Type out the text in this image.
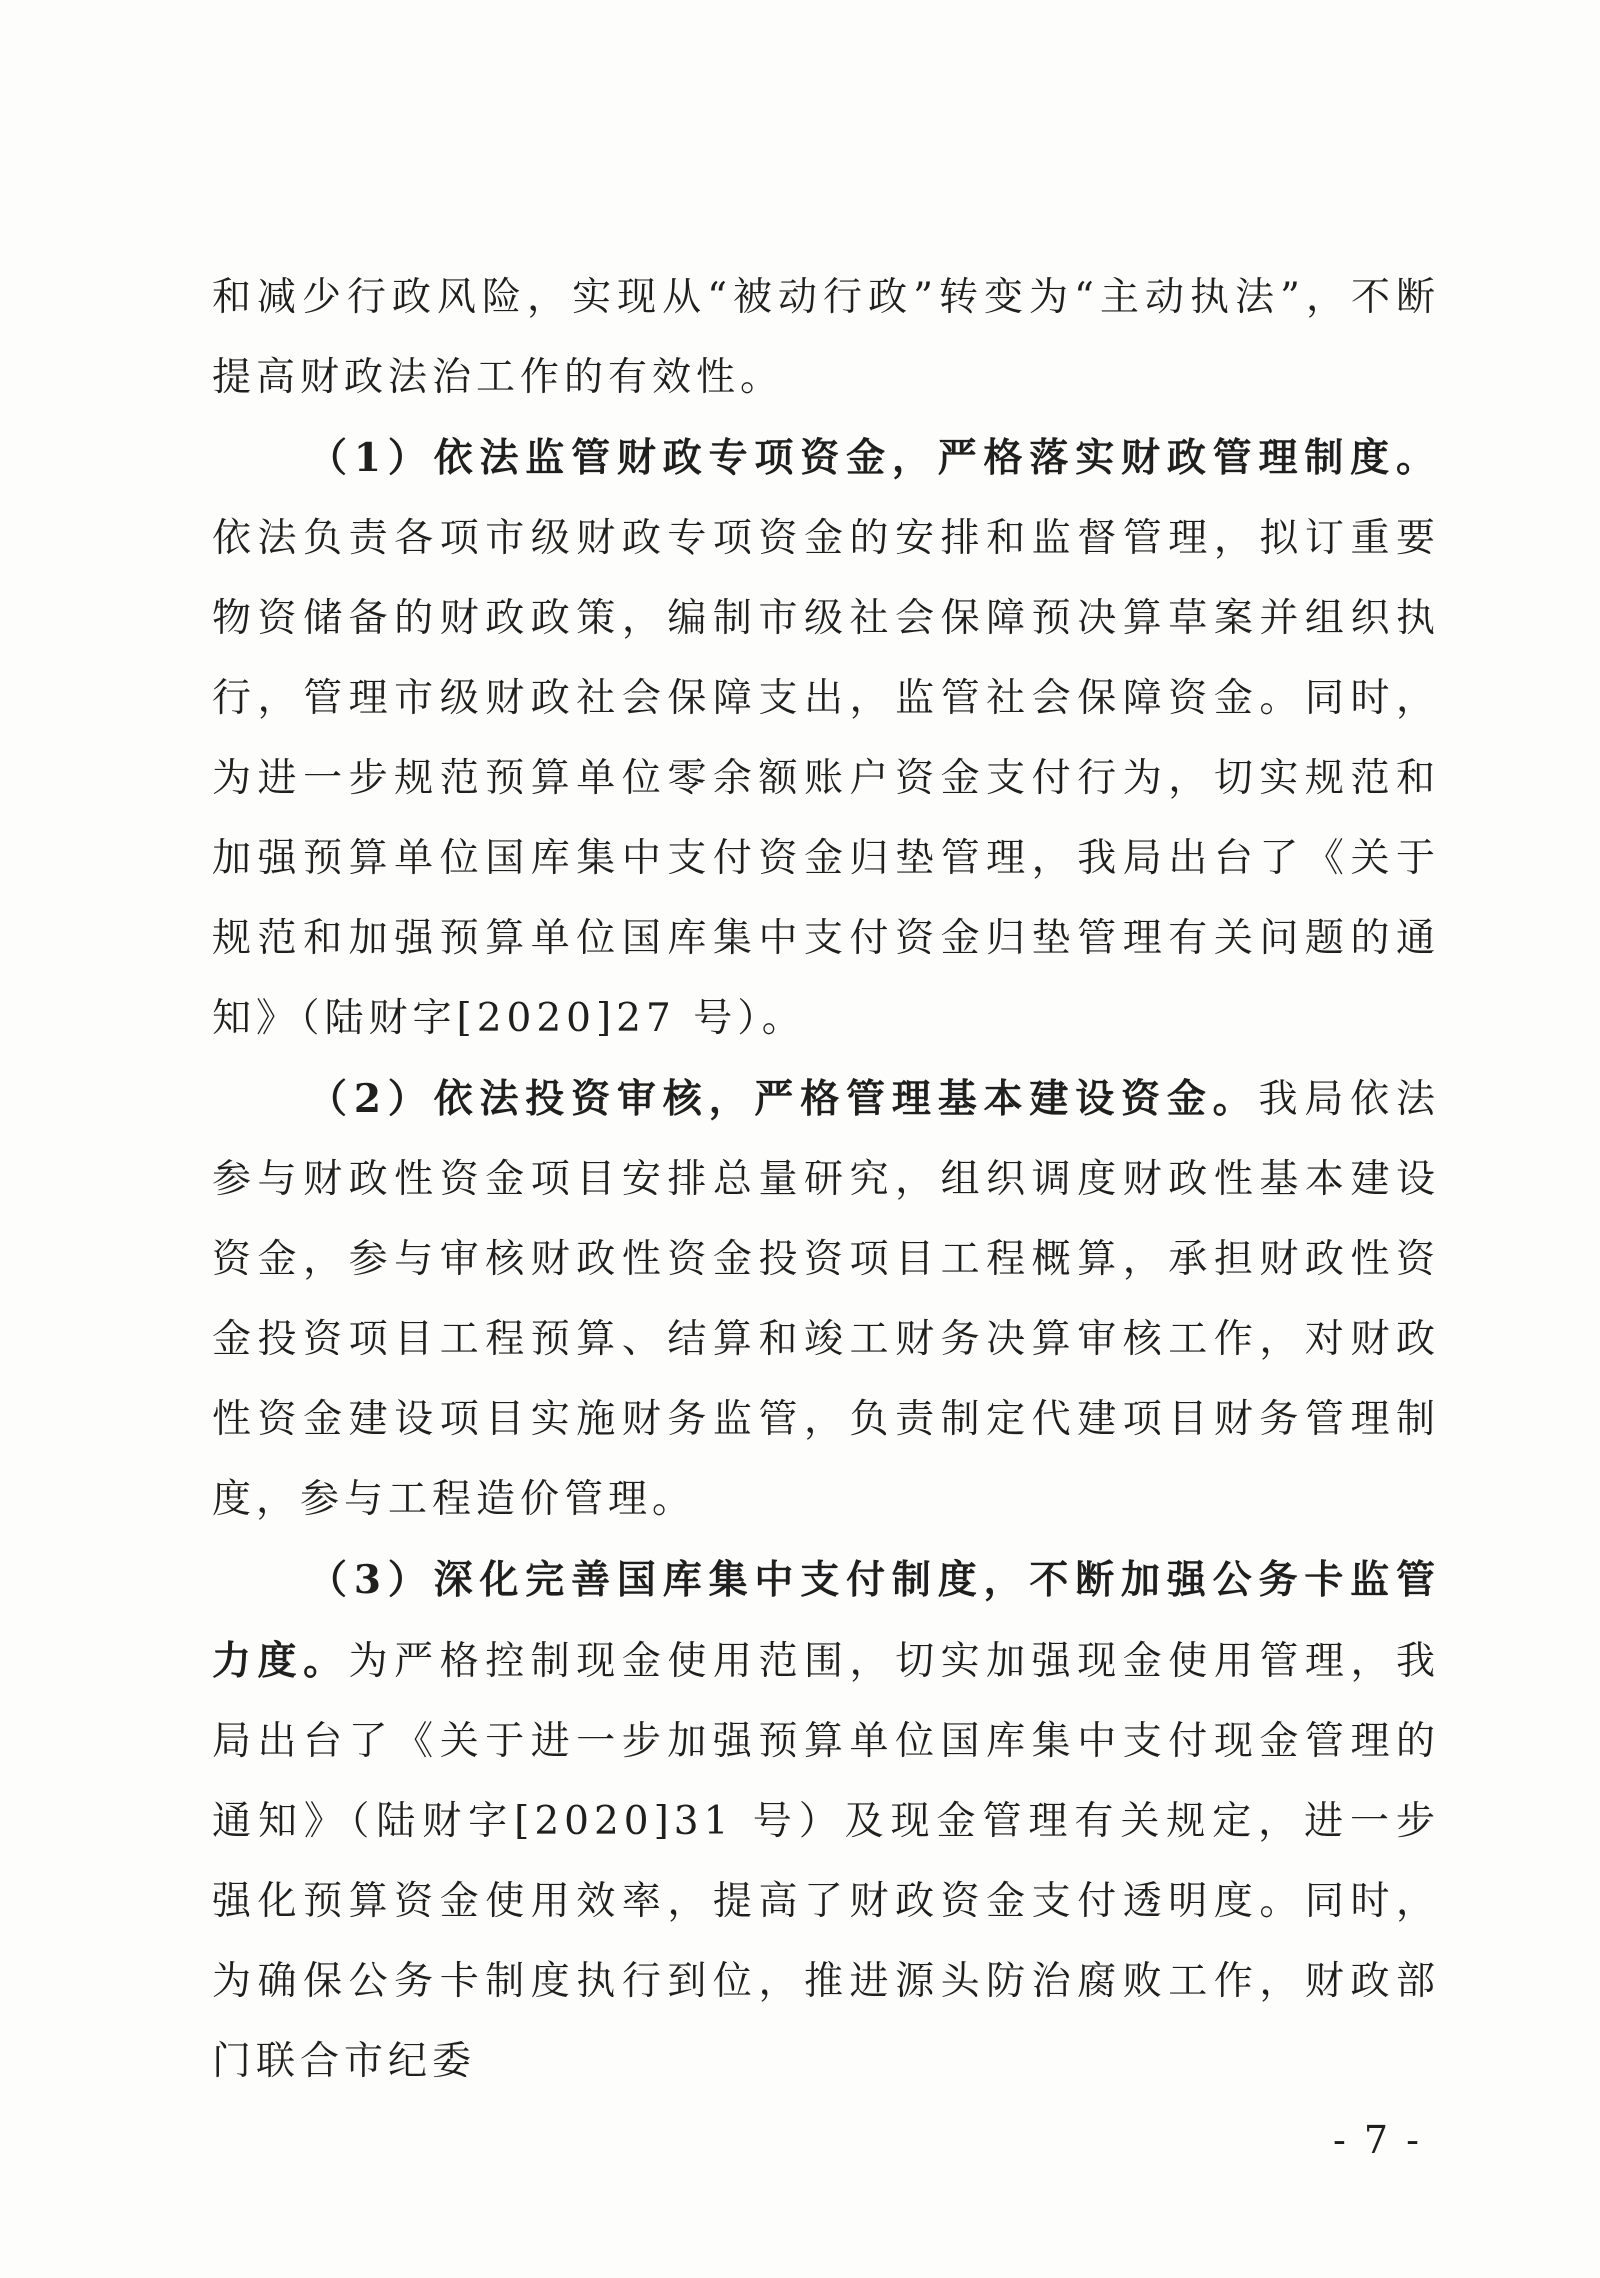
和减少行政风险，实现从“被动行政”转变为“主动执法”，不断提高财政法治工作的有效性。

（1）依法监管财政专项资金，严格落实财政管理制度。依法负责各项市级财政专项资金的安排和监督管理，拟订重要物资储备的财政政策，编制市级社会保障预决算草案并组织执行，管理市级财政社会保障支出，监管社会保障资金。同时，为进一步规范预算单位零余额账户资金支付行为，切实规范和加强预算单位国库集中支付资金归垫管理，我局出台了《关于规范和加强预算单位国库集中支付资金归垫管理有关问题的通知》（陆财字[2020]27 号）。

（2）依法投资审核，严格管理基本建设资金。我局依法参与财政性资金项目安排总量研究，组织调度财政性基本建设资金，参与审核财政性资金投资项目工程概算，承担财政性资金投资项目工程预算、结算和竣工财务决算审核工作，对财政性资金建设项目实施财务监管，负责制定代建项目财务管理制度，参与工程造价管理。

（3）深化完善国库集中支付制度，不断加强公务卡监管力度。为严格控制现金使用范围，切实加强现金使用管理，我局出台了《关于进一步加强预算单位国库集中支付现金管理的通知》（陆财字[2020]31 号）及现金管理有关规定，进一步强化预算资金使用效率，提高了财政资金支付透明度。同时，为确保公务卡制度执行到位，推进源头防治腐败工作，财政部门联合市纪委

- 7 -
